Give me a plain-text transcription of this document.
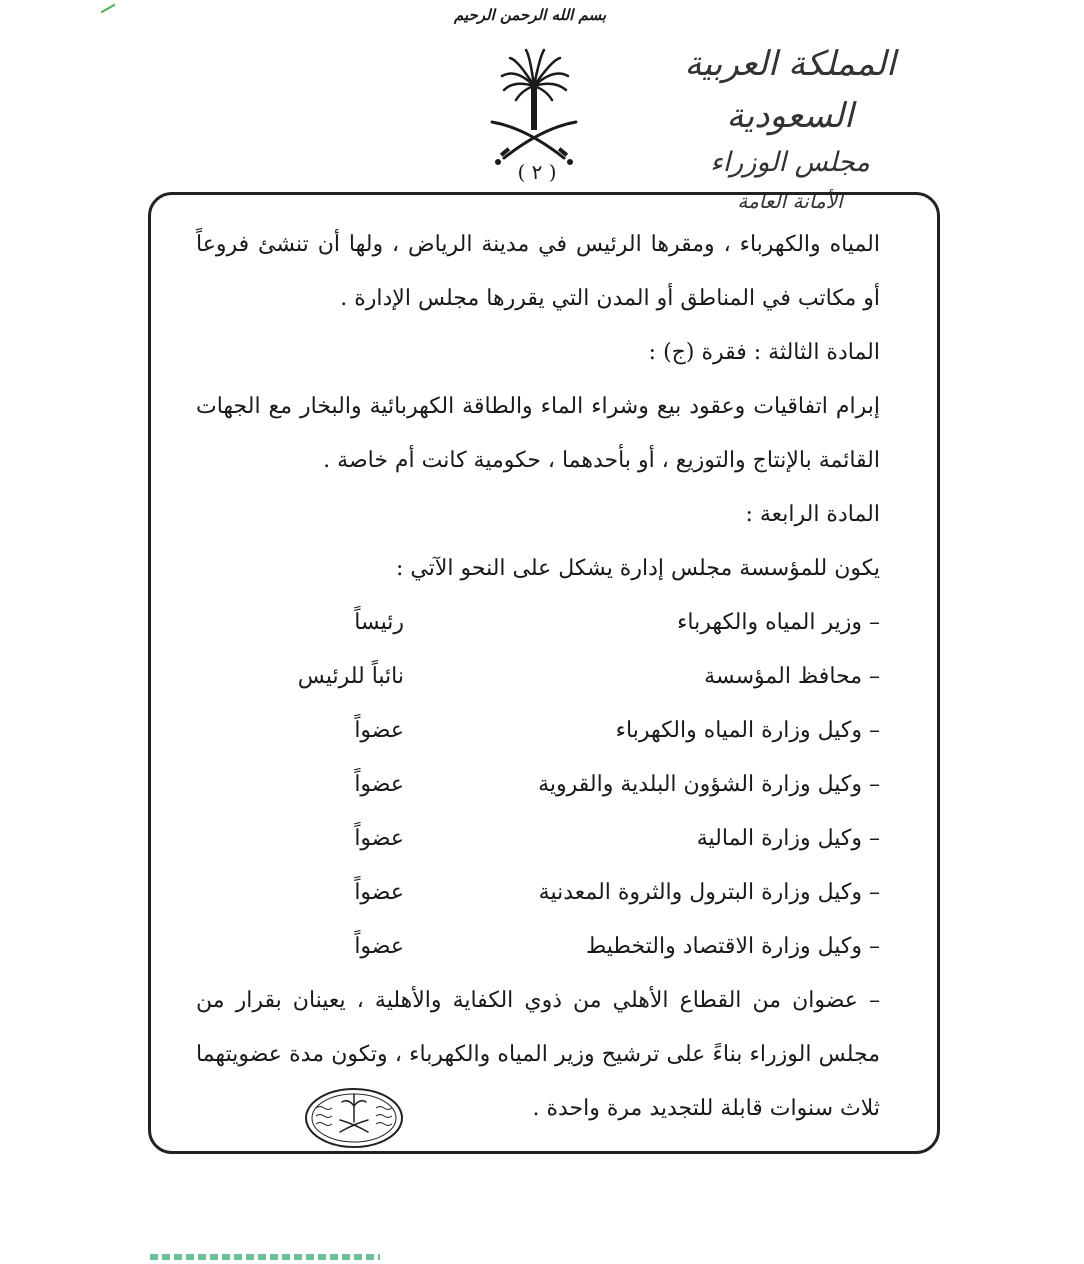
بسم الله الرحمن الرحيم
( ٢ )
المملكة العربية السعودية
مجلس الوزراء
الأمانة العامة
المياه والكهرباء ، ومقرها الرئيس في مدينة الرياض ، ولها أن تنشئ فروعاً
أو مكاتب في المناطق أو المدن التي يقررها مجلس الإدارة .
المادة الثالثة : فقرة (ج) :
إبرام اتفاقيات وعقود بيع وشراء الماء والطاقة الكهربائية والبخار مع الجهات
القائمة بالإنتاج والتوزيع ، أو بأحدهما ، حكومية كانت أم خاصة .
المادة الرابعة :
يكون للمؤسسة مجلس إدارة يشكل على النحو الآتي :
– وزير المياه والكهرباء
رئيساً
– محافظ المؤسسة
نائباً للرئيس
– وكيل وزارة المياه والكهرباء
عضواً
– وكيل وزارة الشؤون البلدية والقروية
عضواً
– وكيل وزارة المالية
عضواً
– وكيل وزارة البترول والثروة المعدنية
عضواً
– وكيل وزارة الاقتصاد والتخطيط
عضواً
– عضوان من القطاع الأهلي من ذوي الكفاية والأهلية ، يعينان بقرار من
مجلس الوزراء بناءً على ترشيح وزير المياه والكهرباء ، وتكون مدة عضويتهما
ثلاث سنوات قابلة للتجديد مرة واحدة .
